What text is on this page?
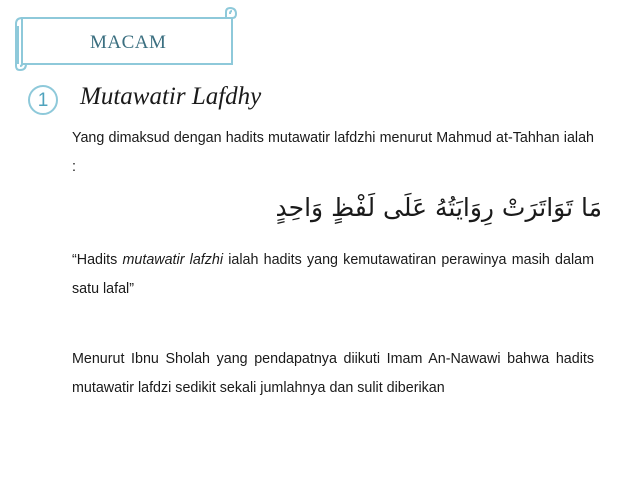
MACAM
1	Mutawatir Lafdhy
Yang dimaksud dengan hadits mutawatir lafdzhi menurut Mahmud at-Tahhan ialah :
مَا تَوَاتَرَتْ رِوَايَتُهُ عَلَى لَفْظٍ وَاحِدٍ
“Hadits mutawatir lafzhi ialah hadits yang kemutawatiran perawinya masih dalam satu lafal”
Menurut Ibnu Sholah yang pendapatnya diikuti Imam An-Nawawi bahwa hadits mutawatir lafdzi sedikit sekali jumlahnya dan sulit diberikan
